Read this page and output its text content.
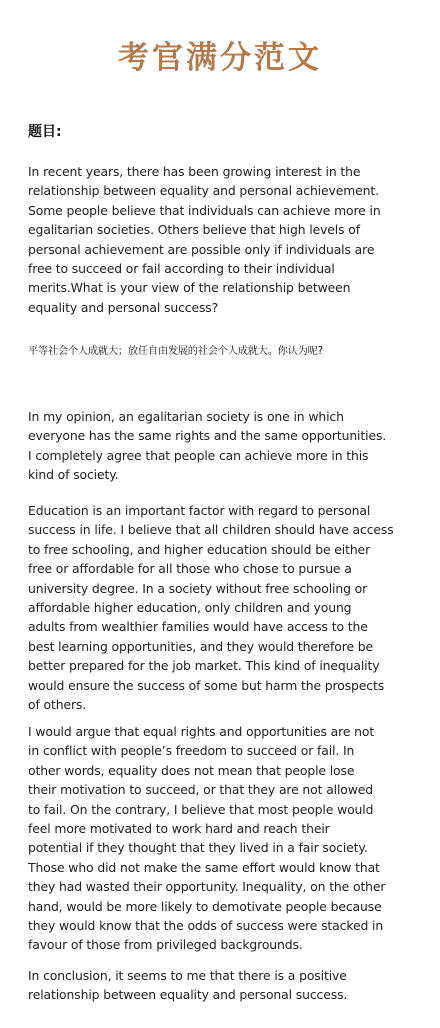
考官满分范文
题目:

In recent years, there has been growing interest in the
relationship between equality and personal achievement.
Some people believe that individuals can achieve more in
egalitarian societies. Others believe that high levels of
personal achievement are possible only if individuals are
free to succeed or fail according to their individual
merits.What is your view of the relationship between
equality and personal success?

平等社会个人成就大；放任自由发展的社会个人成就大。你认为呢?

In my opinion, an egalitarian society is one in which
everyone has the same rights and the same opportunities.
I completely agree that people can achieve more in this
kind of society.

Education is an important factor with regard to personal
success in life. I believe that all children should have access
to free schooling, and higher education should be either
free or affordable for all those who chose to pursue a
university degree. In a society without free schooling or
affordable higher education, only children and young
adults from wealthier families would have access to the
best learning opportunities, and they would therefore be
better prepared for the job market. This kind of inequality
would ensure the success of some but harm the prospects
of others.

I would argue that equal rights and opportunities are not
in conflict with people’s freedom to succeed or fail. In
other words, equality does not mean that people lose
their motivation to succeed, or that they are not allowed
to fail. On the contrary, I believe that most people would
feel more motivated to work hard and reach their
potential if they thought that they lived in a fair society.
Those who did not make the same effort would know that
they had wasted their opportunity. Inequality, on the other
hand, would be more likely to demotivate people because
they would know that the odds of success were stacked in
favour of those from privileged backgrounds.

In conclusion, it seems to me that there is a positive
relationship between equality and personal success.
